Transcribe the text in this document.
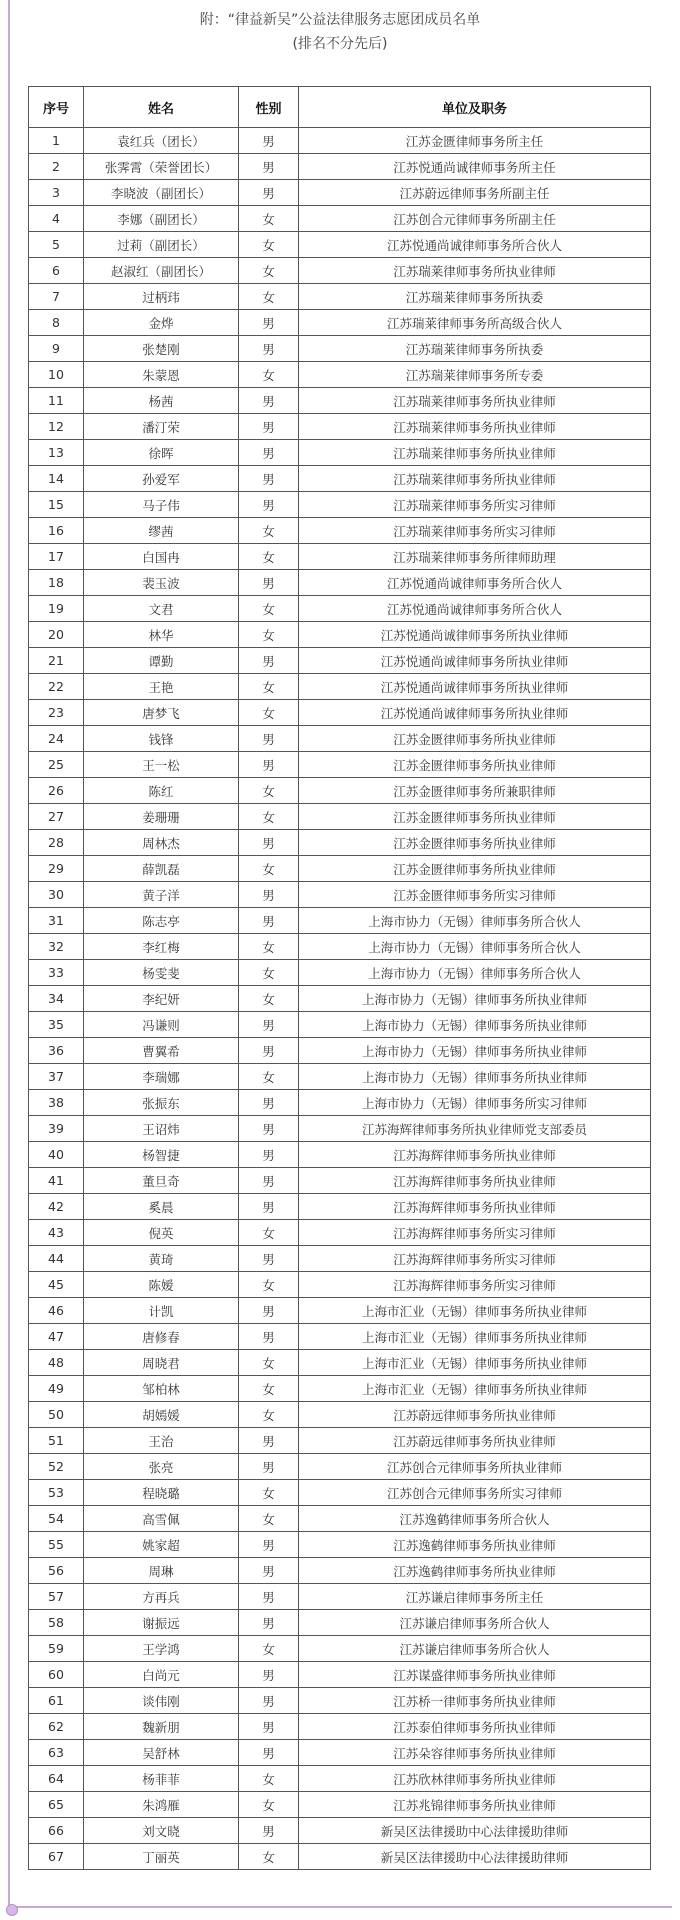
附：“律益新吴”公益法律服务志愿团成员名单
(排名不分先后)
序号	姓名	性别	单位及职务
1	袁红兵（团长）	男	江苏金匮律师事务所主任
2	张霁霄（荣誉团长）	男	江苏悦通尚诚律师事务所主任
3	李晓波（副团长）	男	江苏蔚远律师事务所副主任
4	李娜（副团长）	女	江苏创合元律师事务所副主任
5	过莉（副团长）	女	江苏悦通尚诚律师事务所合伙人
6	赵淑红（副团长）	女	江苏瑞莱律师事务所执业律师
7	过柄玮	女	江苏瑞莱律师事务所执委
8	金烨	男	江苏瑞莱律师事务所高级合伙人
9	张楚刚	男	江苏瑞莱律师事务所执委
10	朱蒙恩	女	江苏瑞莱律师事务所专委
11	杨茜	男	江苏瑞莱律师事务所执业律师
12	潘汀荣	男	江苏瑞莱律师事务所执业律师
13	徐晖	男	江苏瑞莱律师事务所执业律师
14	孙爱军	男	江苏瑞莱律师事务所执业律师
15	马子伟	男	江苏瑞莱律师事务所实习律师
16	缪茜	女	江苏瑞莱律师事务所实习律师
17	白国冉	女	江苏瑞莱律师事务所律师助理
18	裴玉波	男	江苏悦通尚诚律师事务所合伙人
19	文君	女	江苏悦通尚诚律师事务所合伙人
20	林华	女	江苏悦通尚诚律师事务所执业律师
21	谭勤	男	江苏悦通尚诚律师事务所执业律师
22	王艳	女	江苏悦通尚诚律师事务所执业律师
23	唐梦飞	女	江苏悦通尚诚律师事务所执业律师
24	钱锋	男	江苏金匮律师事务所执业律师
25	王一松	男	江苏金匮律师事务所执业律师
26	陈红	女	江苏金匮律师事务所兼职律师
27	姜珊珊	女	江苏金匮律师事务所执业律师
28	周林杰	男	江苏金匮律师事务所执业律师
29	薛凯磊	女	江苏金匮律师事务所执业律师
30	黄子洋	男	江苏金匮律师事务所实习律师
31	陈志亭	男	上海市协力（无锡）律师事务所合伙人
32	李红梅	女	上海市协力（无锡）律师事务所合伙人
33	杨雯斐	女	上海市协力（无锡）律师事务所合伙人
34	李纪妍	女	上海市协力（无锡）律师事务所执业律师
35	冯谦则	男	上海市协力（无锡）律师事务所执业律师
36	曹翼希	男	上海市协力（无锡）律师事务所执业律师
37	李瑞娜	女	上海市协力（无锡）律师事务所执业律师
38	张振东	男	上海市协力（无锡）律师事务所实习律师
39	王诏炜	男	江苏海辉律师事务所执业律师党支部委员
40	杨智捷	男	江苏海辉律师事务所执业律师
41	董旦奇	男	江苏海辉律师事务所执业律师
42	奚晨	男	江苏海辉律师事务所执业律师
43	倪英	女	江苏海辉律师事务所实习律师
44	黄琦	男	江苏海辉律师事务所实习律师
45	陈嫒	女	江苏海辉律师事务所实习律师
46	计凯	男	上海市汇业（无锡）律师事务所执业律师
47	唐修春	男	上海市汇业（无锡）律师事务所执业律师
48	周晓君	女	上海市汇业（无锡）律师事务所执业律师
49	邹柏林	女	上海市汇业（无锡）律师事务所执业律师
50	胡嫣媛	女	江苏蔚远律师事务所执业律师
51	王治	男	江苏蔚远律师事务所执业律师
52	张亮	男	江苏创合元律师事务所执业律师
53	程晓璐	女	江苏创合元律师事务所实习律师
54	高雪佩	女	江苏逸鹤律师事务所合伙人
55	姚家超	男	江苏逸鹤律师事务所执业律师
56	周琳	男	江苏逸鹤律师事务所执业律师
57	方再兵	男	江苏谦启律师事务所主任
58	谢振远	男	江苏谦启律师事务所合伙人
59	王学鸿	女	江苏谦启律师事务所合伙人
60	白尚元	男	江苏谋盛律师事务所执业律师
61	谈伟刚	男	江苏桥一律师事务所执业律师
62	魏新朋	男	江苏泰伯律师事务所执业律师
63	吴舒林	男	江苏朵容律师事务所执业律师
64	杨菲菲	女	江苏欣林律师事务所执业律师
65	朱鸿雁	女	江苏兆锦律师事务所执业律师
66	刘文晓	男	新吴区法律援助中心法律援助律师
67	丁丽英	女	新吴区法律援助中心法律援助律师
